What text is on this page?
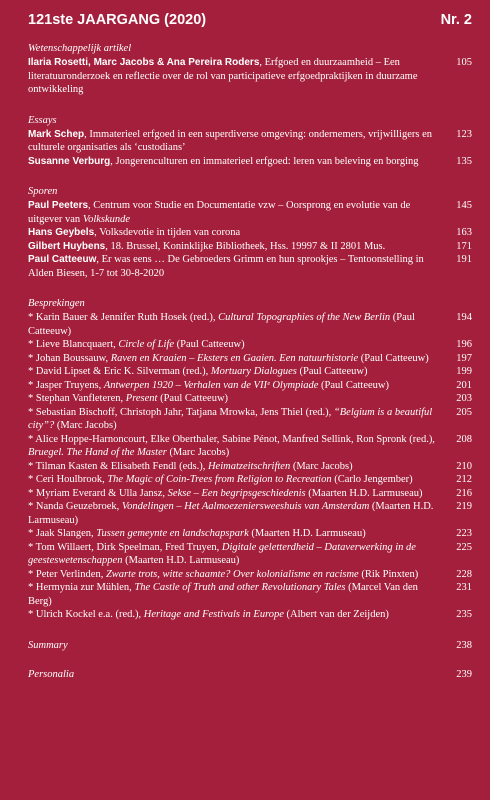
121ste JAARGANG (2020)	Nr. 2
Wetenschappelijk artikel
Ilaria Rosetti, Marc Jacobs & Ana Pereira Roders, Erfgoed en duurzaamheid – Een literatuuronderzoek en reflectie over de rol van participatieve erfgoedpraktijken in duurzame ontwikkeling
105
Essays
Mark Schep, Immaterieel erfgoed in een superdiverse omgeving: ondernemers, vrijwilligers en culturele organisaties als ‘custodians’
123
Susanne Verburg, Jongerenculturen en immaterieel erfgoed: leren van beleving en borging	135
Sporen
Paul Peeters, Centrum voor Studie en Documentatie vzw – Oorsprong en evolutie van de uitgever van Volkskunde
145
Hans Geybels, Volksdevotie in tijden van corona	163
Gilbert Huybens, 18. Brussel, Koninklijke Bibliotheek, Hss. 19997 & II 2801 Mus.	171
Paul Catteeuw, Er was eens … De Gebroeders Grimm en hun sprookjes – Tentoonstelling in Alden Biesen, 1-7 tot 30-8-2020
191
Besprekingen
* Karin Bauer & Jennifer Ruth Hosek (red.), Cultural Topographies of the New Berlin (Paul Catteeuw)
194
* Lieve Blancquaert, Circle of Life (Paul Catteeuw)	196
* Johan Boussauw, Raven en Kraaien – Eksters en Gaaien. Een natuurhistorie (Paul Catteeuw)	197
* David Lipset & Eric K. Silverman (red.), Mortuary Dialogues (Paul Catteeuw)	199
* Jasper Truyens, Antwerpen 1920 – Verhalen van de VIIᵉ Olympiade (Paul Catteeuw)	201
* Stephan Vanfleteren, Present (Paul Catteeuw)	203
* Sebastian Bischoff, Christoph Jahr, Tatjana Mrowka, Jens Thiel (red.), “Belgium is a beautiful city”? (Marc Jacobs)
205
* Alice Hoppe-Harnoncourt, Elke Oberthaler, Sabine Pénot, Manfred Sellink, Ron Spronk (red.), Bruegel. The Hand of the Master (Marc Jacobs)
208
* Tilman Kasten & Elisabeth Fendl (eds.), Heimatzeitschriften (Marc Jacobs)	210
* Ceri Houlbrook, The Magic of Coin-Trees from Religion to Recreation (Carlo Jengember)	212
* Myriam Everard & Ulla Jansz, Sekse – Een begripsgeschiedenis (Maarten H.D. Larmuseau)	216
* Nanda Geuzebroek, Vondelingen – Het Aalmoezeniersweeshuis van Amsterdam (Maarten H.D. Larmuseau)
219
* Jaak Slangen, Tussen gemeynte en landschapspark (Maarten H.D. Larmuseau)	223
* Tom Willaert, Dirk Speelman, Fred Truyen, Digitale geletterdheid – Dataverwerking in de geesteswetenschappen (Maarten H.D. Larmuseau)
225
* Peter Verlinden, Zwarte trots, witte schaamte? Over kolonialisme en racisme (Rik Pinxten)	228
* Hermynia zur Mühlen, The Castle of Truth and other Revolutionary Tales (Marcel Van den Berg)
231
* Ulrich Kockel e.a. (red.), Heritage and Festivals in Europe (Albert van der Zeijden)	235
Summary	238
Personalia	239
